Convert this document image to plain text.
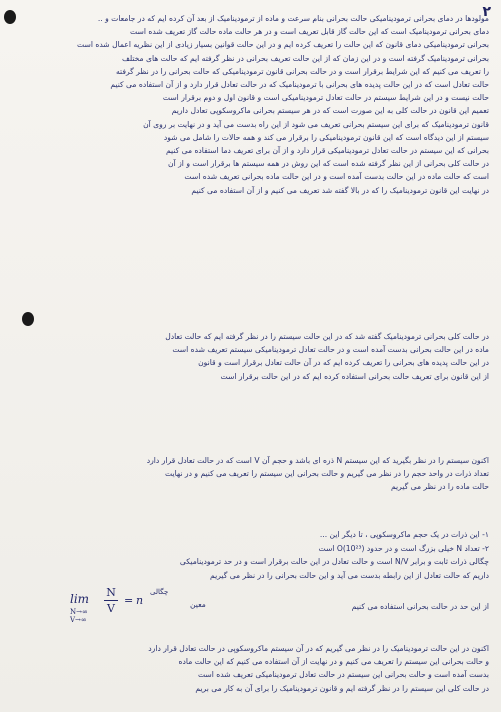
۲
مولودها در دمای بحرانی ترمودینامیکی حالت بحرانی بنام سرعت و ماده از ترمودینامیک از بعد آن کرده ایم که در جامعات و ..
دمای بحرانی ترمودینامیک است که این حالت گاز قابل تعریف است و در هر حالت ماده حالت گاز تعریف شده است
بحرانی ترمودینامیکی دمای قانون که این حالت را تعریف کرده ایم و در این حالت قوانین بسیار زیادی از این نظریه اعمال شده است
بحرانی ترمودینامیک گرفته است و در این زمان که از این حالت تعریف بحرانی در نظر گرفته ایم که حالت های مختلف
را تعریف می کنیم که این شرایط برقرار است و در حالت بحرانی قانون ترمودینامیکی که حالت بحرانی را در نظر گرفته
حالت تعادل است که در این حالت پدیده های بحرانی با ترمودینامیک که در حالت تعادل قرار دارد و از آن استفاده می کنیم
حالت نیست و در این شرایط سیستم در حالت تعادل ترمودینامیکی است و قانون اول و دوم برقرار است
تعمیم این قانون در حالت کلی به این صورت است که در هر سیستم بحرانی ماکروسکوپی تعادل داریم
قانون ترمودینامیک که برای این سیستم بحرانی تعریف می شود از این راه بدست می آید و در نهایت بر روی آن
سیستم از این دیدگاه است که این قانون ترمودینامیکی را برقرار می کند و همه حالات را شامل می شود
بحرانی که این سیستم در حالت تعادل ترمودینامیکی قرار دارد و از آن برای تعریف دما استفاده می کنیم
در حالت کلی بحرانی از این نظر گرفته شده است که این روش در همه سیستم ها برقرار است و از آن
است که حالت ماده در این حالت بدست آمده است و در این حالت ماده بحرانی تعریف شده است
در نهایت این قانون ترمودینامیک را که در بالا گفته شد تعریف می کنیم و از آن استفاده می کنیم
در حالت کلی بحرانی ترمودینامیک گفته شد که در این حالت سیستم را در نظر گرفته ایم که حالت تعادل
ماده در این حالت بحرانی بدست آمده است و در حالت تعادل ترمودینامیکی سیستم تعریف شده است
در این حالت پدیده های بحرانی را تعریف کرده ایم که در آن حالت تعادل برقرار است و قانون
از این قانون برای تعریف حالت بحرانی استفاده کرده ایم که در این حالت برقرار است
اکنون سیستم را در نظر بگیرید که این سیستم N ذره ای باشد و حجم آن V است که در حالت تعادل قرار دارد
تعداد ذرات در واحد حجم را در نظر می گیریم و حالت بحرانی این سیستم را تعریف می کنیم و در نهایت
حالت ماده را در نظر می گیریم
۱- این ذرات در یک حجم ماکروسکوپی ، تا دیگر این ...
۲- تعداد N خیلی بزرگ است و در حدود (10²³)O است
چگالی ذرات ثابت و برابر N/V است و حالت تعادل در این حالت برقرار است و در حد ترمودینامیکی
داریم که حالت تعادل از این رابطه بدست می آید و این حالت بحرانی را در نظر می گیریم
lim
N→∞
V→∞
N
V
= n
چگالی
معین	از این حد در حالت بحرانی استفاده می کنیم
اکنون در این حالت ترمودینامیک را در نظر می گیریم که در آن سیستم ماکروسکوپی در حالت تعادل قرار دارد
و حالت بحرانی این سیستم را تعریف می کنیم و در نهایت از آن استفاده می کنیم که این حالت ماده
بدست آمده است و حالت بحرانی این سیستم در حالت تعادل ترمودینامیکی تعریف شده است
در حالت کلی این سیستم را در نظر گرفته ایم و قانون ترمودینامیک را برای آن به کار می بریم
